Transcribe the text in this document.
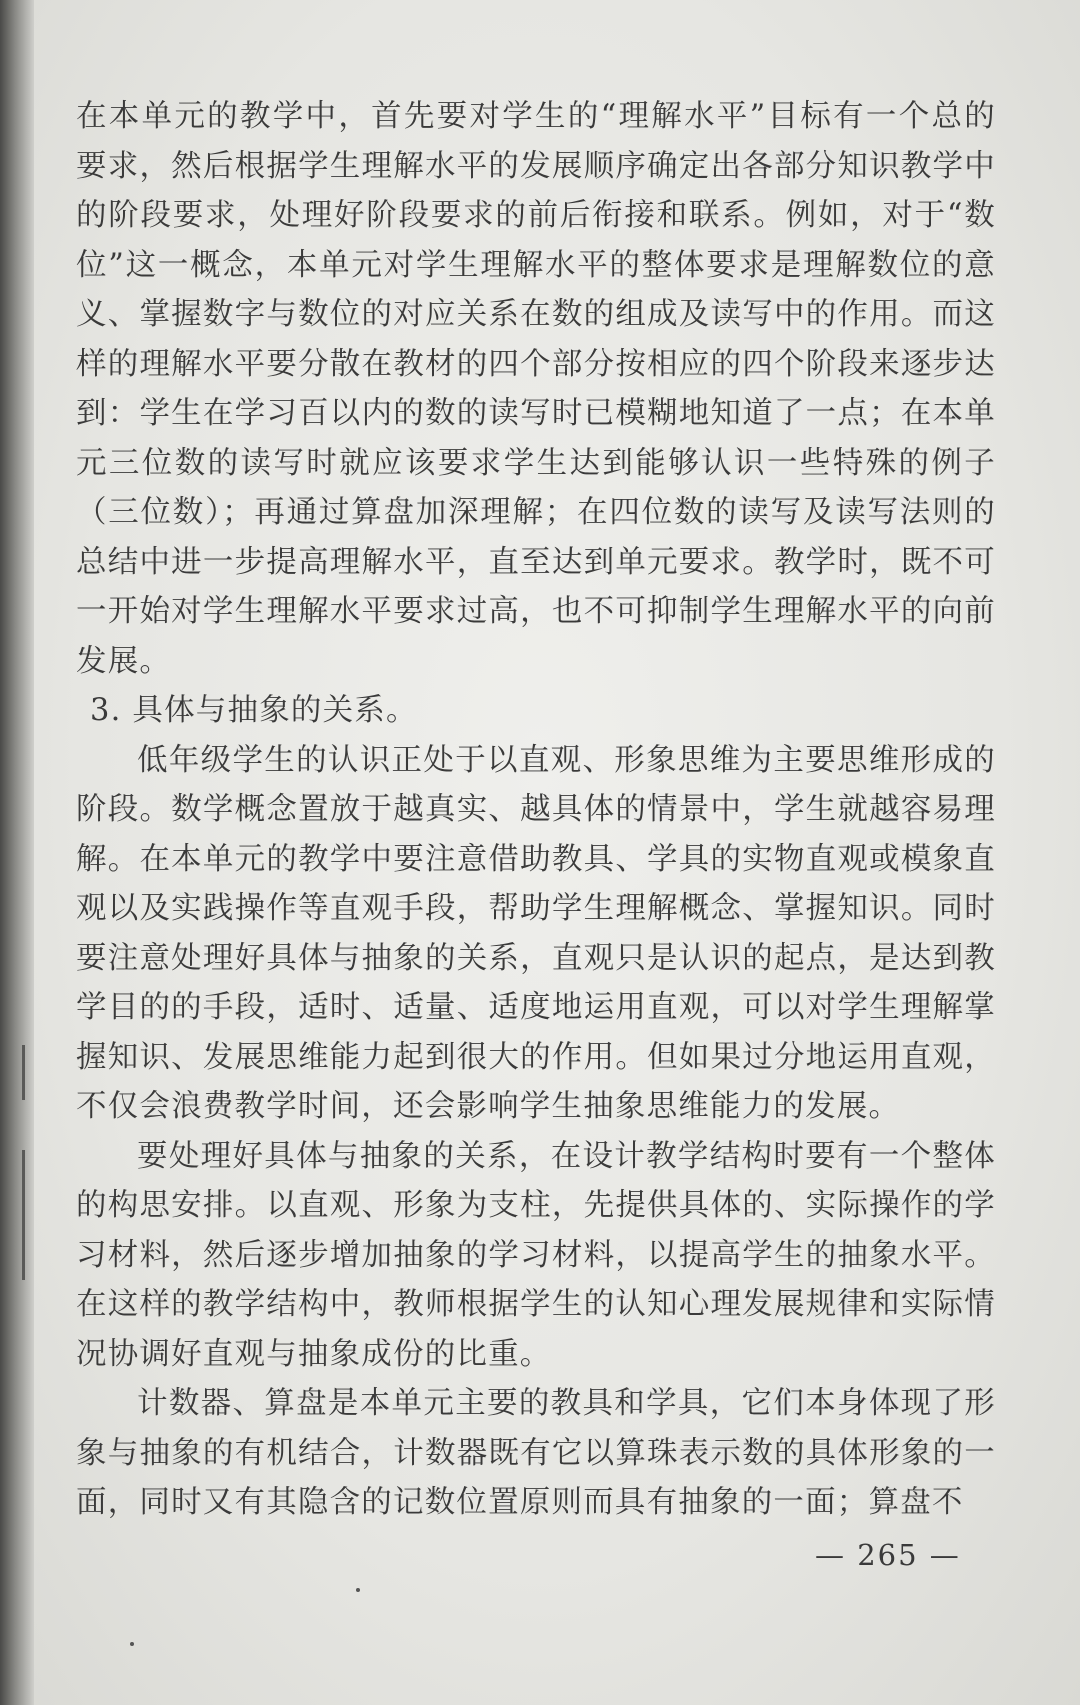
在本单元的教学中，首先要对学生的“理解水平”目标有一个总的要求，然后根据学生理解水平的发展顺序确定出各部分知识教学中的阶段要求，处理好阶段要求的前后衔接和联系。例如，对于“数位”这一概念，本单元对学生理解水平的整体要求是理解数位的意义、掌握数字与数位的对应关系在数的组成及读写中的作用。而这样的理解水平要分散在教材的四个部分按相应的四个阶段来逐步达到：学生在学习百以内的数的读写时已模糊地知道了一点；在本单元三位数的读写时就应该要求学生达到能够认识一些特殊的例子（三位数）；再通过算盘加深理解；在四位数的读写及读写法则的总结中进一步提高理解水平，直至达到单元要求。教学时，既不可一开始对学生理解水平要求过高，也不可抑制学生理解水平的向前发展。

3. 具体与抽象的关系。

低年级学生的认识正处于以直观、形象思维为主要思维形成的阶段。数学概念置放于越真实、越具体的情景中，学生就越容易理解。在本单元的教学中要注意借助教具、学具的实物直观或模象直观以及实践操作等直观手段，帮助学生理解概念、掌握知识。同时要注意处理好具体与抽象的关系，直观只是认识的起点，是达到教学目的的手段，适时、适量、适度地运用直观，可以对学生理解掌握知识、发展思维能力起到很大的作用。但如果过分地运用直观，不仅会浪费教学时间，还会影响学生抽象思维能力的发展。

要处理好具体与抽象的关系，在设计教学结构时要有一个整体的构思安排。以直观、形象为支柱，先提供具体的、实际操作的学习材料，然后逐步增加抽象的学习材料，以提高学生的抽象水平。在这样的教学结构中，教师根据学生的认知心理发展规律和实际情况协调好直观与抽象成份的比重。

计数器、算盘是本单元主要的教具和学具，它们本身体现了形象与抽象的有机结合，计数器既有它以算珠表示数的具体形象的一面，同时又有其隐含的记数位置原则而具有抽象的一面；算盘不

— 265 —
